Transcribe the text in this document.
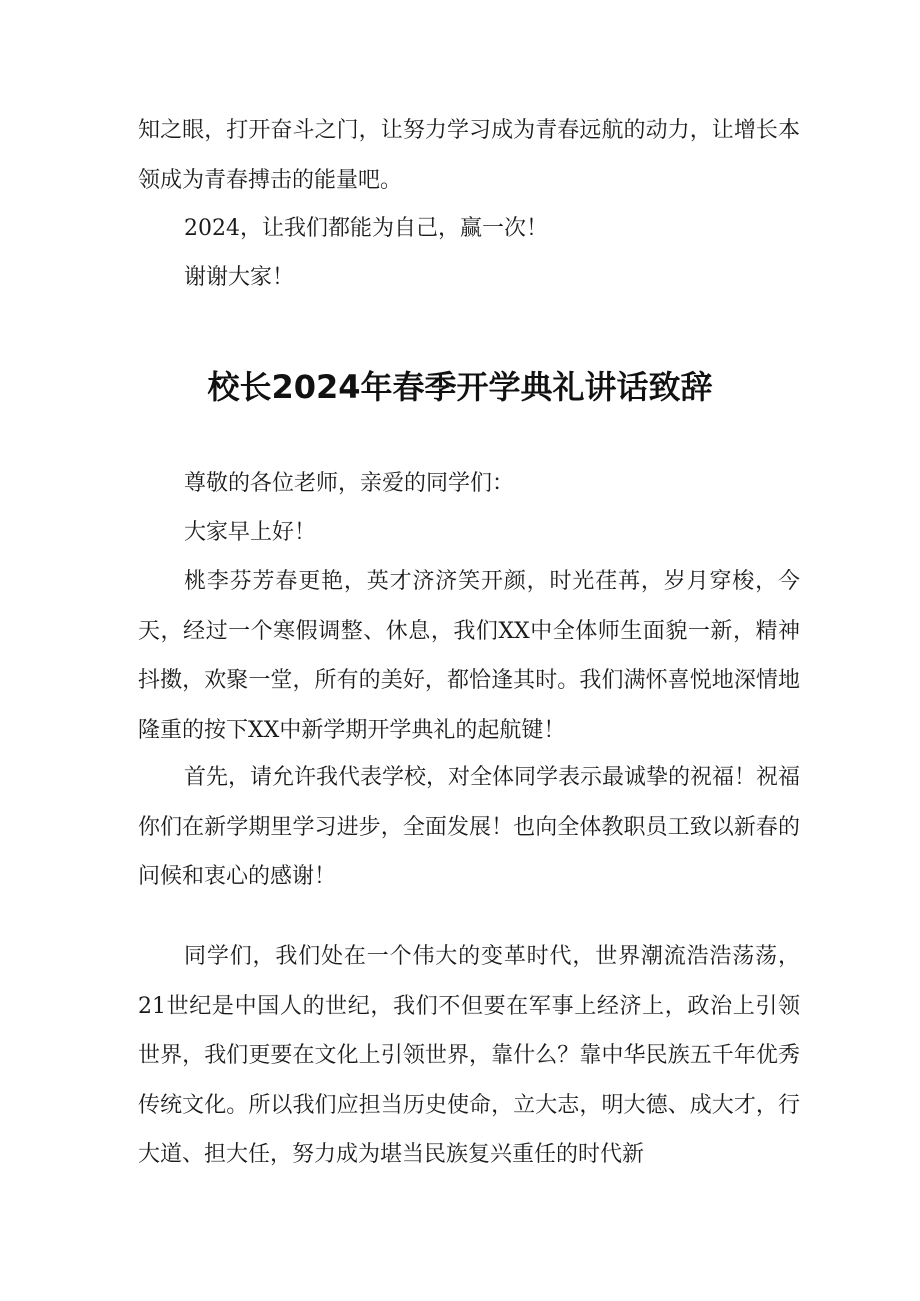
知之眼，打开奋斗之门，让努力学习成为青春远航的动力，让增长本领成为青春搏击的能量吧。

2024，让我们都能为自己，赢一次！

谢谢大家！

校长2024年春季开学典礼讲话致辞

尊敬的各位老师，亲爱的同学们：

大家早上好！

桃李芬芳春更艳，英才济济笑开颜，时光荏苒，岁月穿梭，今天，经过一个寒假调整、休息，我们XX中全体师生面貌一新，精神抖擞，欢聚一堂，所有的美好，都恰逢其时。我们满怀喜悦地深情地隆重的按下XX中新学期开学典礼的起航键！

首先，请允许我代表学校，对全体同学表示最诚挚的祝福！祝福你们在新学期里学习进步，全面发展！也向全体教职员工致以新春的问候和衷心的感谢！

同学们，我们处在一个伟大的变革时代，世界潮流浩浩荡荡，21世纪是中国人的世纪，我们不但要在军事上经济上，政治上引领世界，我们更要在文化上引领世界，靠什么？靠中华民族五千年优秀传统文化。所以我们应担当历史使命，立大志，明大德、成大才，行大道、担大任，努力成为堪当民族复兴重任的时代新
